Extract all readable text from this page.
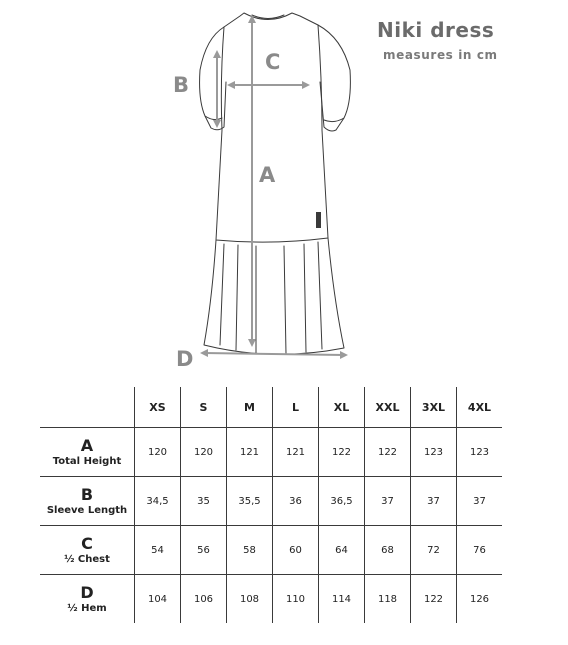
Niki dress
measures in cm
A
B
C
D
	XS	S	M	L	XL	XXL	3XL	4XL

A
Total Height	120	120	121	121	122	122	123	123

B
Sleeve Length	34,5	35	35,5	36	36,5	37	37	37

C
½ Chest	54	56	58	60	64	68	72	76

D
½ Hem	104	106	108	110	114	118	122	126
